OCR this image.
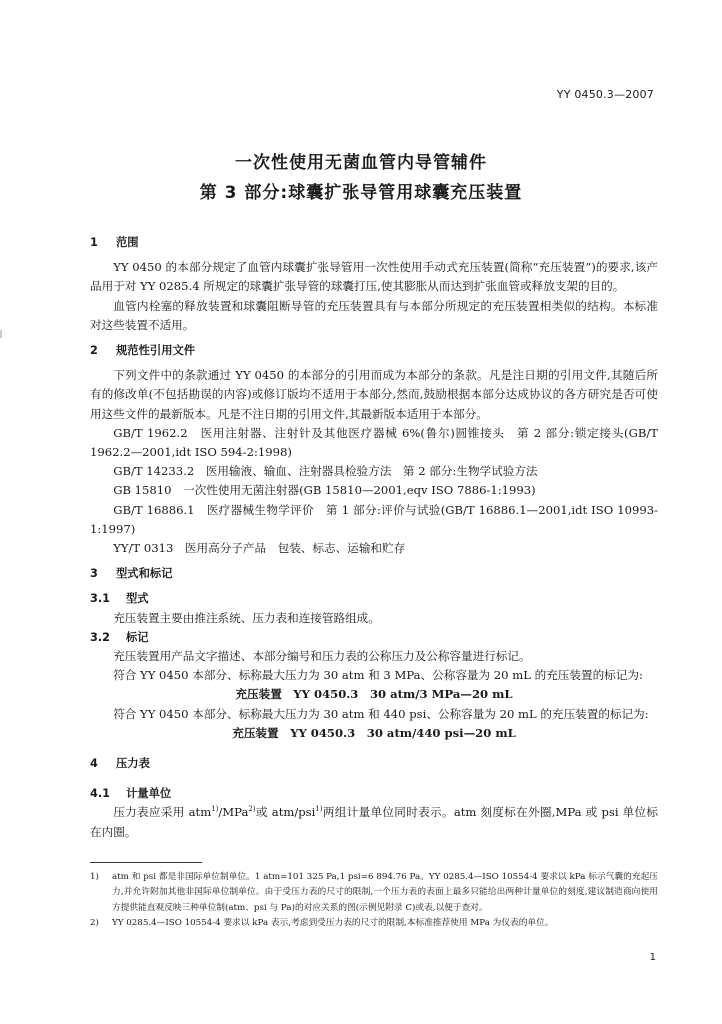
YY 0450.3—2007
一次性使用无菌血管内导管辅件
第 3 部分:球囊扩张导管用球囊充压装置
1 范围

YY 0450 的本部分规定了血管内球囊扩张导管用一次性使用手动式充压装置(简称“充压装置”)的要求,该产品用于对 YY 0285.4 所规定的球囊扩张导管的球囊打压,使其膨胀从而达到扩张血管或释放支架的目的。

血管内栓塞的释放装置和球囊阻断导管的充压装置具有与本部分所规定的充压装置相类似的结构。本标准对这些装置不适用。

2 规范性引用文件

下列文件中的条款通过 YY 0450 的本部分的引用而成为本部分的条款。凡是注日期的引用文件,其随后所有的修改单(不包括勘误的内容)或修订版均不适用于本部分,然而,鼓励根据本部分达成协议的各方研究是否可使用这些文件的最新版本。凡是不注日期的引用文件,其最新版本适用于本部分。

GB/T 1962.2　医用注射器、注射针及其他医疗器械 6%(鲁尔)圆锥接头　第 2 部分:锁定接头(GB/T 1962.2—2001,idt ISO 594-2:1998)

GB/T 14233.2　医用输液、输血、注射器具检验方法　第 2 部分:生物学试验方法

GB 15810　一次性使用无菌注射器(GB 15810—2001,eqv ISO 7886-1:1993)

GB/T 16886.1　医疗器械生物学评价　第 1 部分:评价与试验(GB/T 16886.1—2001,idt ISO 10993-1:1997)

YY/T 0313　医用高分子产品　包装、标志、运输和贮存

3 型式和标记
3.1 型式

充压装置主要由推注系统、压力表和连接管路组成。

3.2 标记

充压装置用产品文字描述、本部分编号和压力表的公称压力及公称容量进行标记。

符合 YY 0450 本部分、标称最大压力为 30 atm 和 3 MPa、公称容量为 20 mL 的充压装置的标记为:

充压装置　YY 0450.3　30 atm/3 MPa—20 mL

符合 YY 0450 本部分、标称最大压力为 30 atm 和 440 psi、公称容量为 20 mL 的充压装置的标记为:

充压装置　YY 0450.3　30 atm/440 psi—20 mL

4 压力表
4.1 计量单位

压力表应采用 atm$^{1)}$/MPa$^{2)}$或 atm/psi$^{1)}$两组计量单位同时表示。atm 刻度标在外圈,MPa 或 psi 单位标在内圈。

1)	atm 和 psi 都是非国际单位制单位。1 atm=101 325 Pa,1 psi=6 894.76 Pa。YY 0285.4—ISO 10554-4 要求以 kPa 标示气囊的充起压力,并允许附加其他非国际单位制单位。由于受压力表的尺寸的限制,一个压力表的表面上最多只能给出两种计量单位的刻度,建议制造商向使用方提供能直观反映三种单位制(atm、psi 与 Pa)的对应关系的图(示例见附录 C)或表,以便于查对。
2)	YY 0285.4—ISO 10554-4 要求以 kPa 表示,考虑到受压力表的尺寸的限制,本标准推荐使用 MPa 为仪表的单位。
1
